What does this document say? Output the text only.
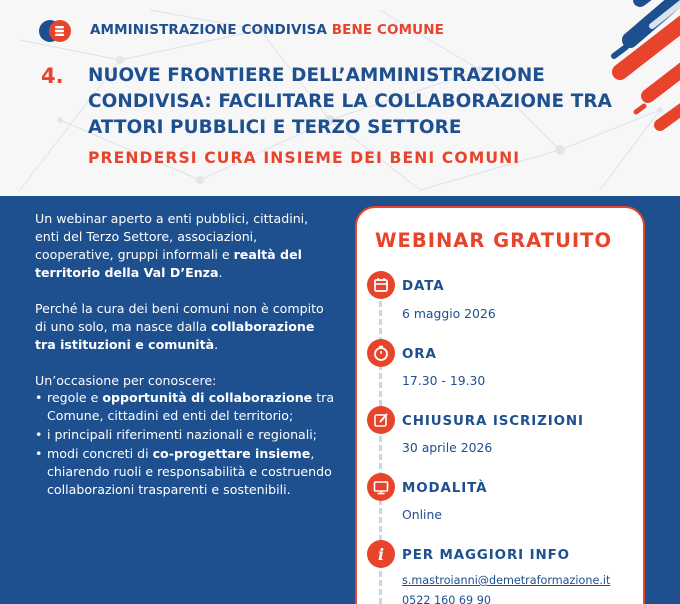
AMMINISTRAZIONE CONDIVISA BENE COMUNE
4. NUOVE FRONTIERE DELL’AMMINISTRAZIONE CONDIVISA: FACILITARE LA COLLABORAZIONE TRA ATTORI PUBBLICI E TERZO SETTORE
PRENDERSI CURA INSIEME DEI BENI COMUNI

Un webinar aperto a enti pubblici, cittadini, enti del Terzo Settore, associazioni, cooperative, gruppi informali e realtà del territorio della Val D’Enza.

Perché la cura dei beni comuni non è compito di uno solo, ma nasce dalla collaborazione tra istituzioni e comunità.

Un’occasione per conoscere:

• regole e opportunità di collaborazione tra Comune, cittadini ed enti del territorio;
• i principali riferimenti nazionali e regionali;
• modi concreti di co-progettare insieme, chiarendo ruoli e responsabilità e costruendo collaborazioni trasparenti e sostenibili.
WEBINAR GRATUITO
DATA
6 maggio 2026
ORA
17.30 - 19.30
CHIUSURA ISCRIZIONI
30 aprile 2026
MODALITÀ
Online
i PER MAGGIORI INFO
s.mastroianni@demetraformazione.it
0522 160 69 90
